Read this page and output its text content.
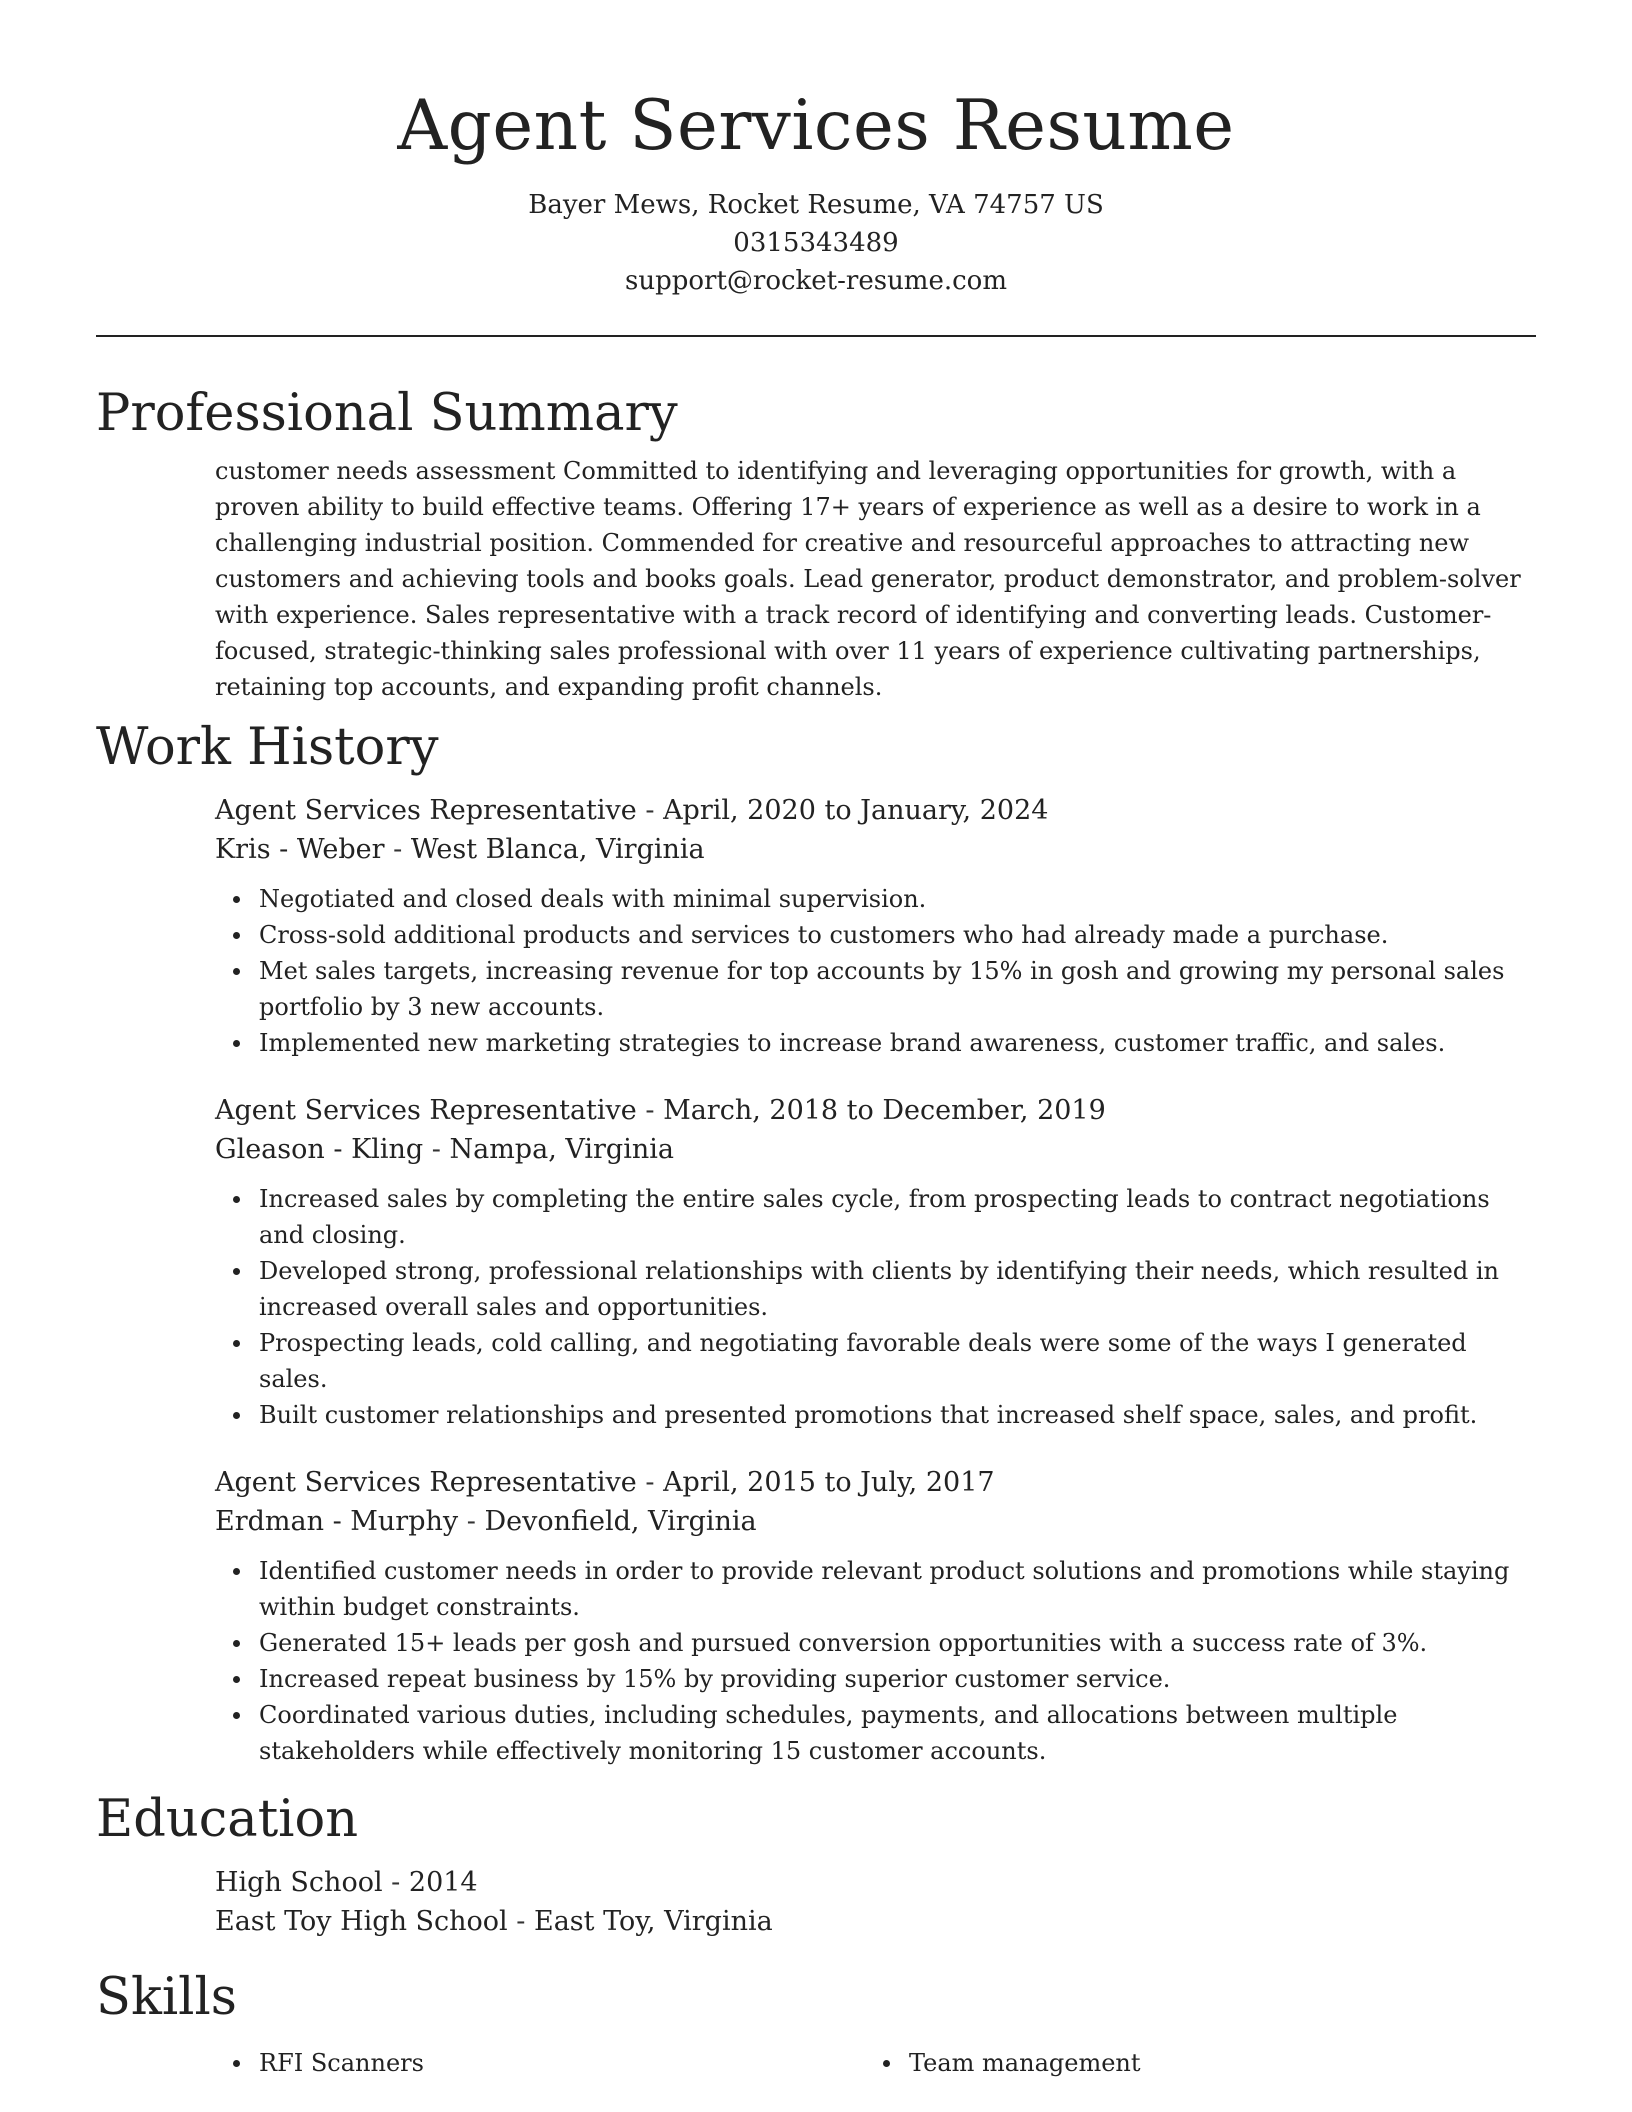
Agent Services Resume
Bayer Mews, Rocket Resume, VA 74757 US
0315343489
support@rocket-resume.com
Professional Summary
customer needs assessment Committed to identifying and leveraging opportunities for growth, with a proven ability to build effective teams. Offering 17+ years of experience as well as a desire to work in a challenging industrial position. Commended for creative and resourceful approaches to attracting new customers and achieving tools and books goals. Lead generator, product demonstrator, and problem-solver with experience. Sales representative with a track record of identifying and converting leads. Customer-focused, strategic-thinking sales professional with over 11 years of experience cultivating partnerships, retaining top accounts, and expanding profit channels.
Work History
Agent Services Representative - April, 2020 to January, 2024
Kris - Weber - West Blanca, Virginia
Negotiated and closed deals with minimal supervision.
Cross-sold additional products and services to customers who had already made a purchase.
Met sales targets, increasing revenue for top accounts by 15% in gosh and growing my personal sales portfolio by 3 new accounts.
Implemented new marketing strategies to increase brand awareness, customer traffic, and sales.
Agent Services Representative - March, 2018 to December, 2019
Gleason - Kling - Nampa, Virginia
Increased sales by completing the entire sales cycle, from prospecting leads to contract negotiations and closing.
Developed strong, professional relationships with clients by identifying their needs, which resulted in increased overall sales and opportunities.
Prospecting leads, cold calling, and negotiating favorable deals were some of the ways I generated sales.
Built customer relationships and presented promotions that increased shelf space, sales, and profit.
Agent Services Representative - April, 2015 to July, 2017
Erdman - Murphy - Devonfield, Virginia
Identified customer needs in order to provide relevant product solutions and promotions while staying within budget constraints.
Generated 15+ leads per gosh and pursued conversion opportunities with a success rate of 3%.
Increased repeat business by 15% by providing superior customer service.
Coordinated various duties, including schedules, payments, and allocations between multiple stakeholders while effectively monitoring 15 customer accounts.
Education
High School - 2014
East Toy High School - East Toy, Virginia
Skills
RFI Scanners	Team management
